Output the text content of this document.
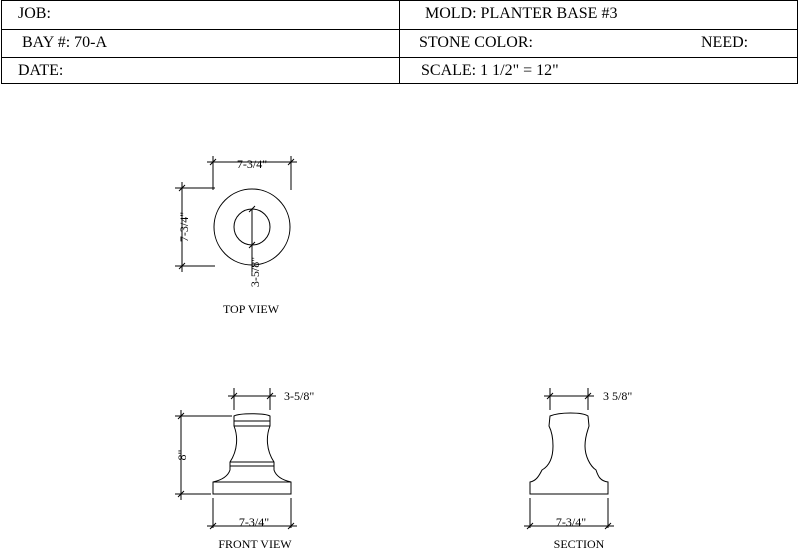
JOB:	MOLD: PLANTER BASE #3
BAY #: 70-A	STONE COLOR:	NEED:
DATE:	SCALE: 1 1/2" = 12"
7-3/4"
7-3/4"
3-5/8"
TOP VIEW
3-5/8"
8"
7-3/4"
FRONT VIEW
3 5/8"
7-3/4"
SECTION
